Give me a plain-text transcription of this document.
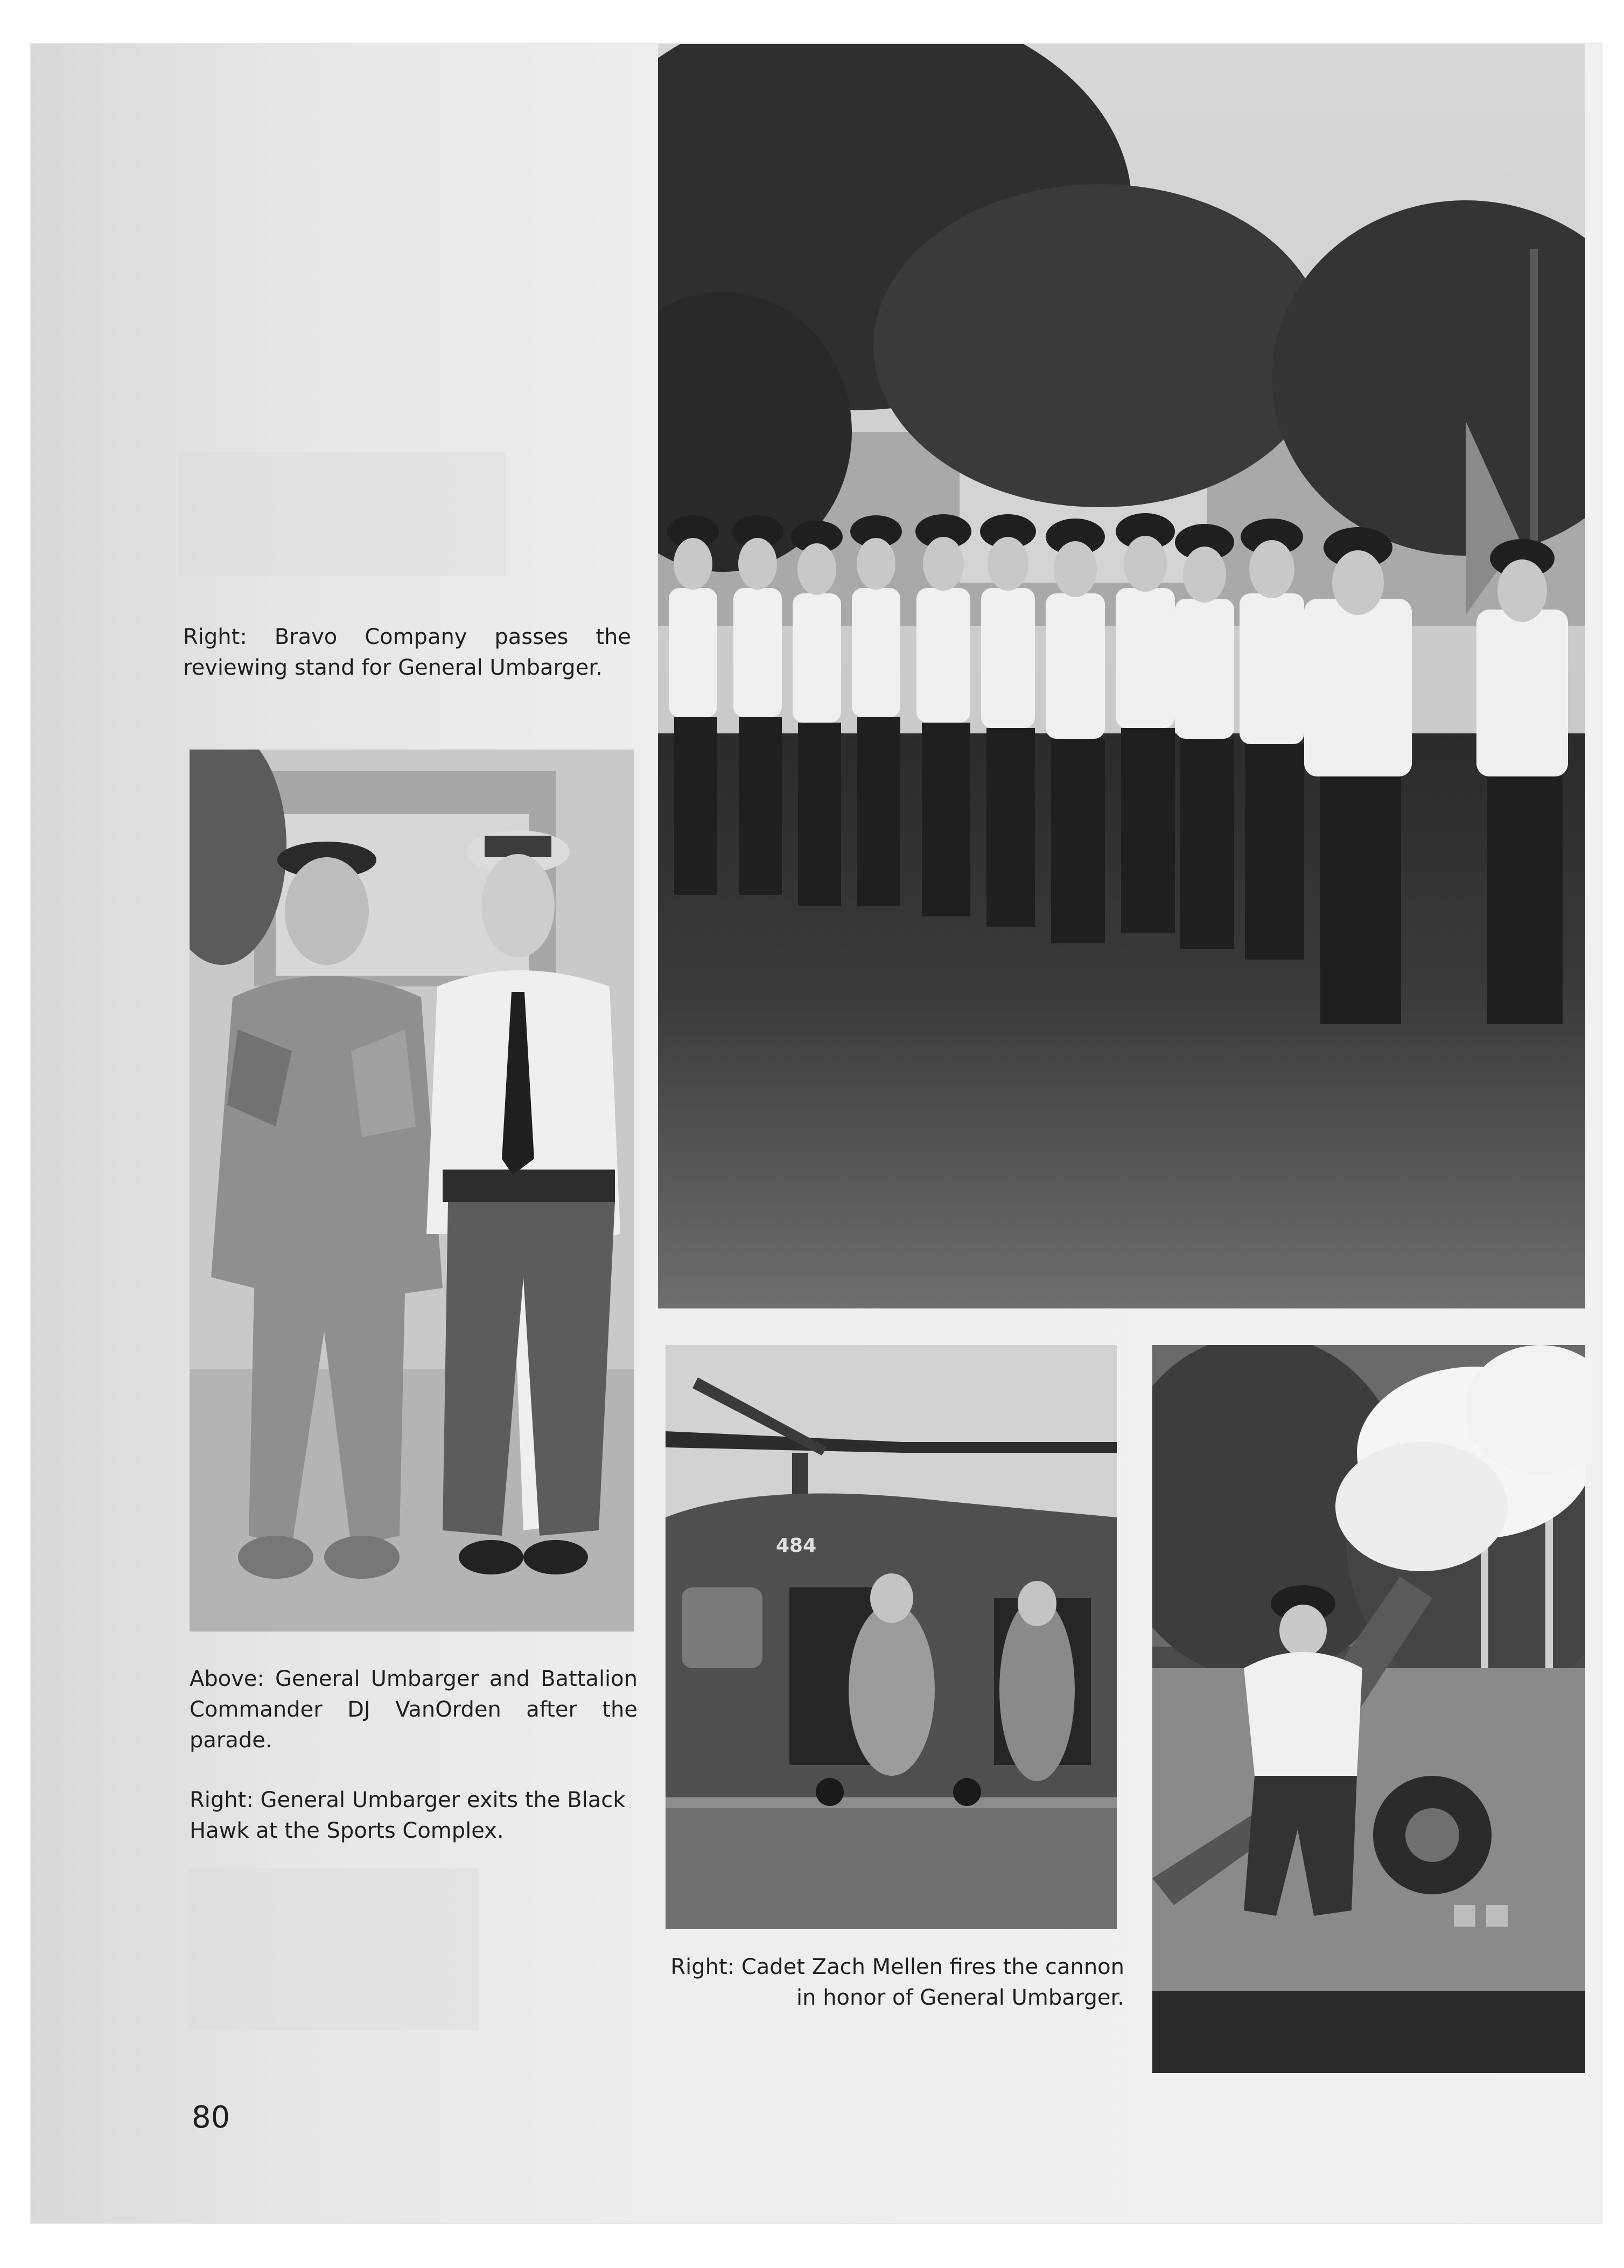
Right: Bravo Company passes the reviewing stand for General Umbarger.

Above: General Umbarger and Battalion Commander DJ VanOrden after the parade.

Right: General Umbarger exits the Black Hawk at the Sports Complex.

484

Right: Cadet Zach Mellen fires the cannon in honor of General Umbarger.

80
